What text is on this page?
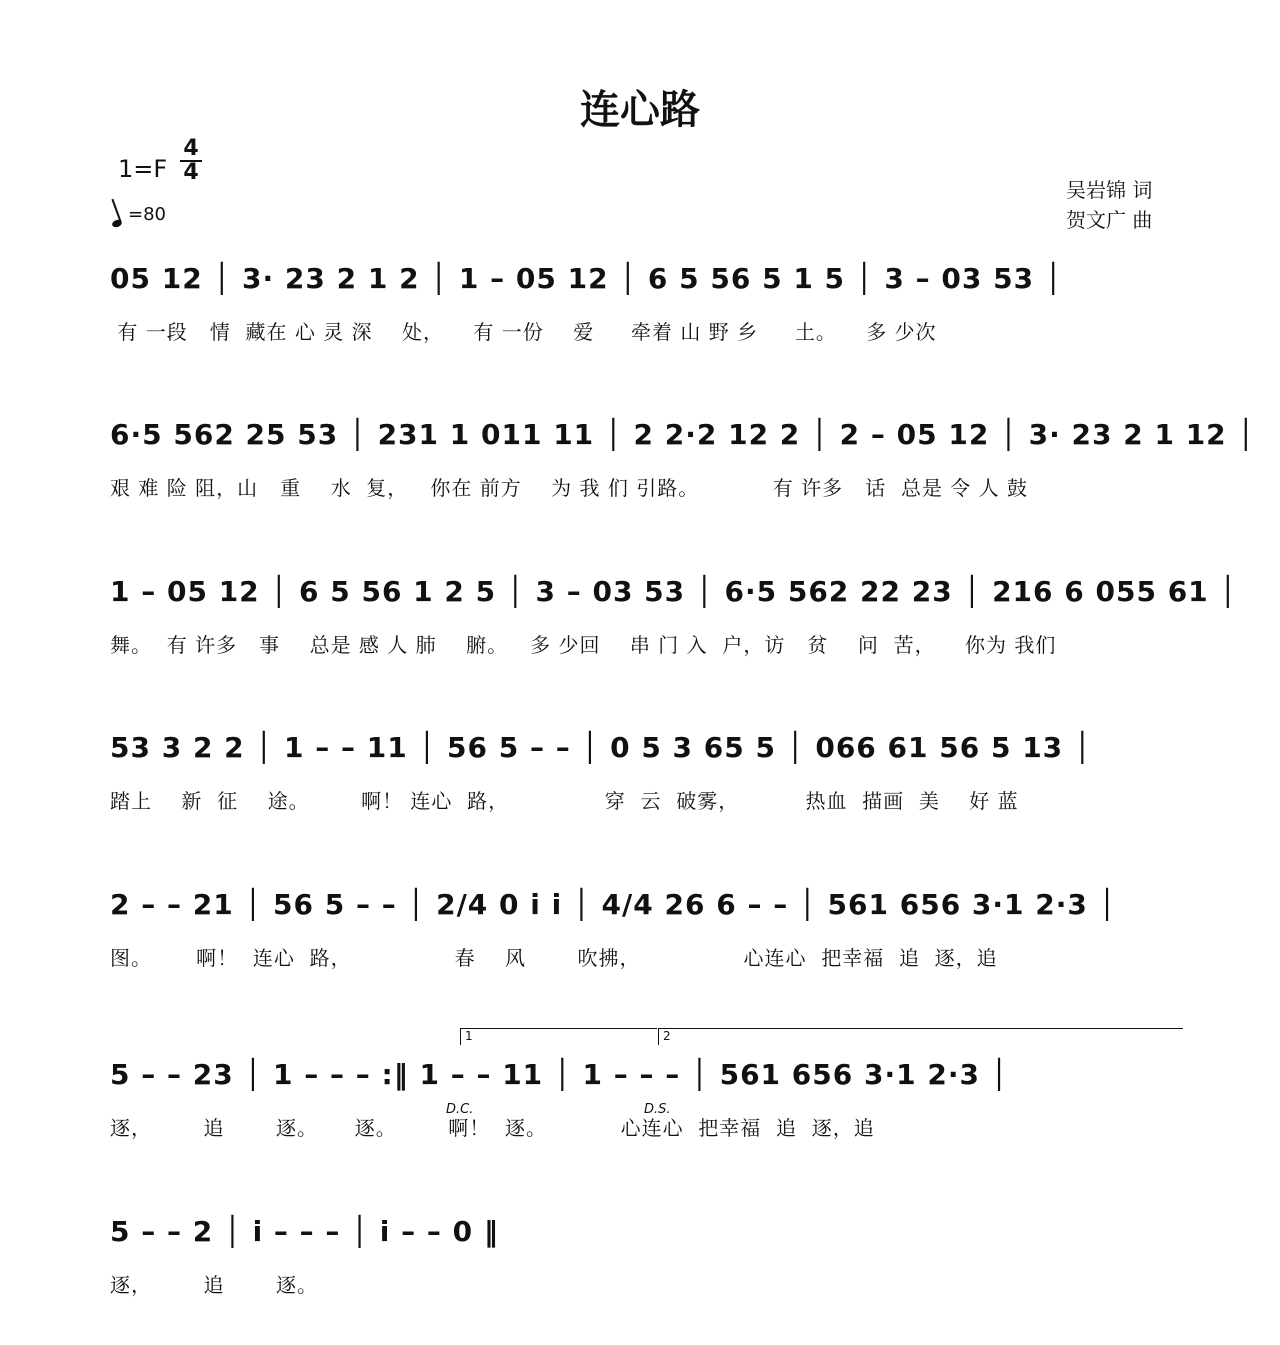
连心路
1=F
4
4
=80
吴岩锦 词
贺文广 曲
05 12 │ 3· 23 2 1 2 │ 1 – 05 12 │ 6 5 56 5 1 5 │ 3 – 03 53 │
有 一段   情  藏在 心 灵 深    处，    有 一份    爱     牵着 山 野 乡     土。    多 少次
6·5 562 25 53 │ 231 1 011 11 │ 2 2·2 12 2 │ 2 – 05 12 │ 3· 23 2 1 12 │
艰 难 险 阻，山   重    水  复，   你在 前方    为 我 们 引路。          有 许多   话  总是 令 人 鼓
1 – 05 12 │ 6 5 56 1 2 5 │ 3 – 03 53 │ 6·5 562 22 23 │ 216 6 055 61 │
舞。  有 许多   事    总是 感 人 肺    腑。   多 少回    串 门 入  户，访   贫    问  苦，    你为 我们
53 3 2 2 │ 1 – – 11 │ 56 5 – – │ 0 5 3 65 5 │ 066 61 56 5 13 │
踏上    新  征    途。       啊！ 连心  路，             穿  云  破雾，         热血  描画  美    好 蓝
2 – – 21 │ 56 5 – – │ 2/4 0 i i │ 4/4 26 6 – – │ 561 656 3·1 2·3 │
图。      啊！  连心  路，              春    风       吹拂，              心连心  把幸福  追  逐，追
1	2
5 – – 23 │ 1 – – – :‖ 1 – – 11 │ 1 – – – │ 561 656 3·1 2·3 │
逐，       追       逐。     逐。       啊！  逐。          心连心  把幸福  追  逐，追
D.C.	D.S.
5 – – 2 │ i – – – │ i – – 0 ‖
逐，       追       逐。
